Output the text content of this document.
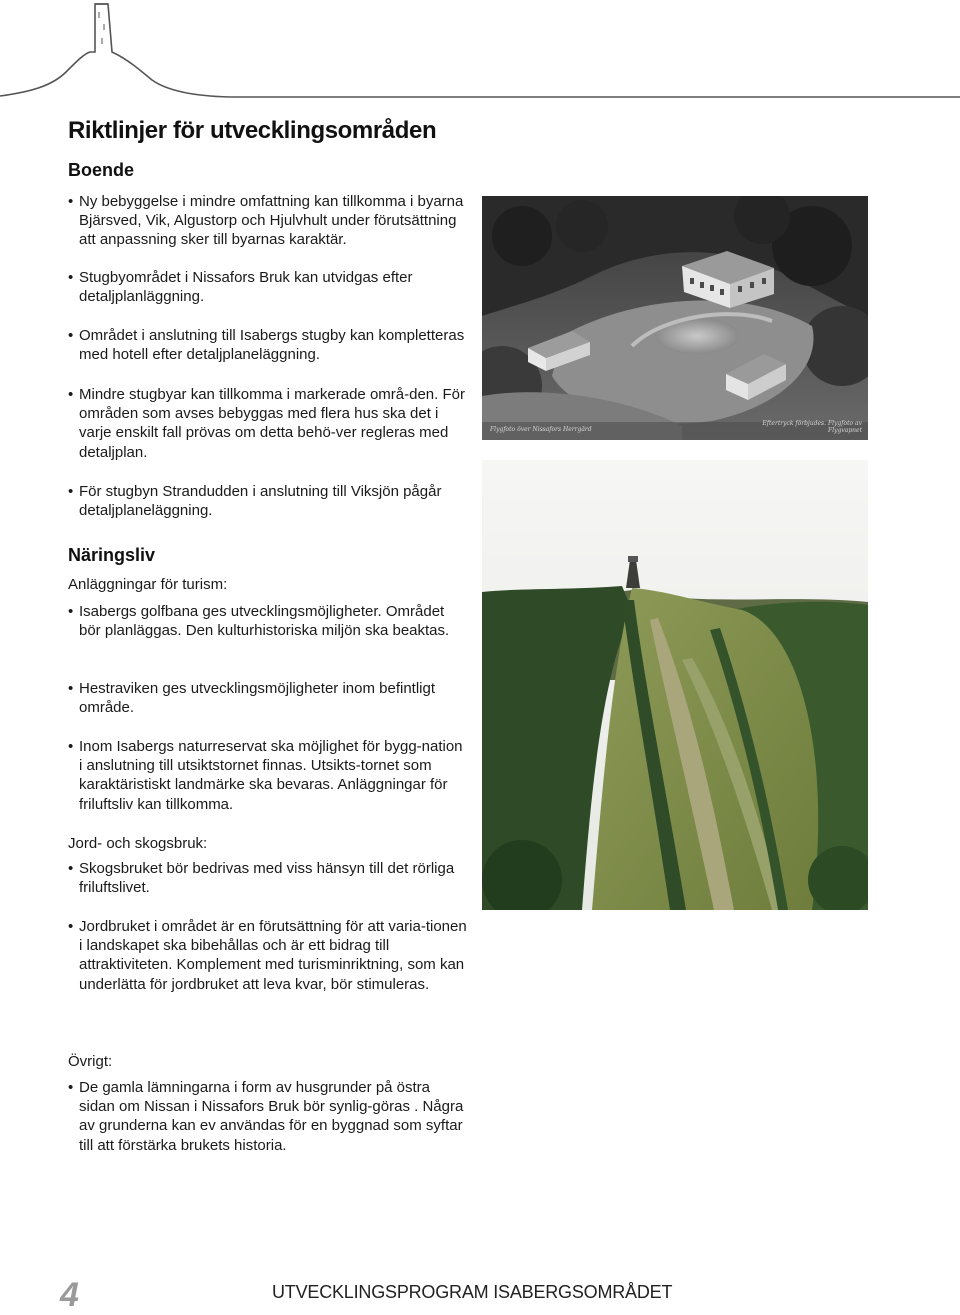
Riktlinjer för utvecklingsområden
Boende

• Ny bebyggelse i mindre omfattning kan tillkomma i byarna Bjärsved, Vik, Algustorp och Hjulvhult under förutsättning att anpassning sker till byarnas karaktär.

• Stugbyområdet i Nissafors Bruk kan utvidgas efter detaljplanläggning.

• Området i anslutning till Isabergs stugby kan kompletteras med hotell efter detaljplaneläggning.

• Mindre stugbyar kan tillkomma i markerade områ-den. För områden som avses bebyggas med flera hus ska det i varje enskilt fall prövas om detta behö-ver regleras med detaljplan.

• För stugbyn Strandudden i anslutning till Viksjön pågår detaljplaneläggning.

Näringsliv

Anläggningar för turism:

• Isabergs golfbana ges utvecklingsmöjligheter. Området bör planläggas. Den kulturhistoriska miljön ska beaktas.

• Hestraviken ges utvecklingsmöjligheter inom befintligt område.

• Inom Isabergs naturreservat ska möjlighet för bygg-nation i anslutning till utsiktstornet finnas. Utsikts-tornet som karaktäristiskt landmärke ska bevaras. Anläggningar för friluftsliv kan tillkomma.

Jord- och skogsbruk:

• Skogsbruket bör bedrivas med viss hänsyn till det rörliga friluftslivet.

• Jordbruket i området är en förutsättning för att varia-tionen i landskapet ska bibehållas och är ett bidrag till attraktiviteten. Komplement med turisminriktning, som kan underlätta för jordbruket att leva kvar, bör stimuleras.

Övrigt:

• De gamla lämningarna i form av husgrunder på östra sidan om Nissan i Nissafors Bruk bör synlig-göras . Några av grunderna kan ev användas för en byggnad som syftar till att förstärka brukets historia.

Flygfoto över Nissafors Herrgård
Eftertryck förbjudes. Flygfoto av Flygvapnet
4	UTVECKLINGSPROGRAM ISABERGSOMRÅDET
